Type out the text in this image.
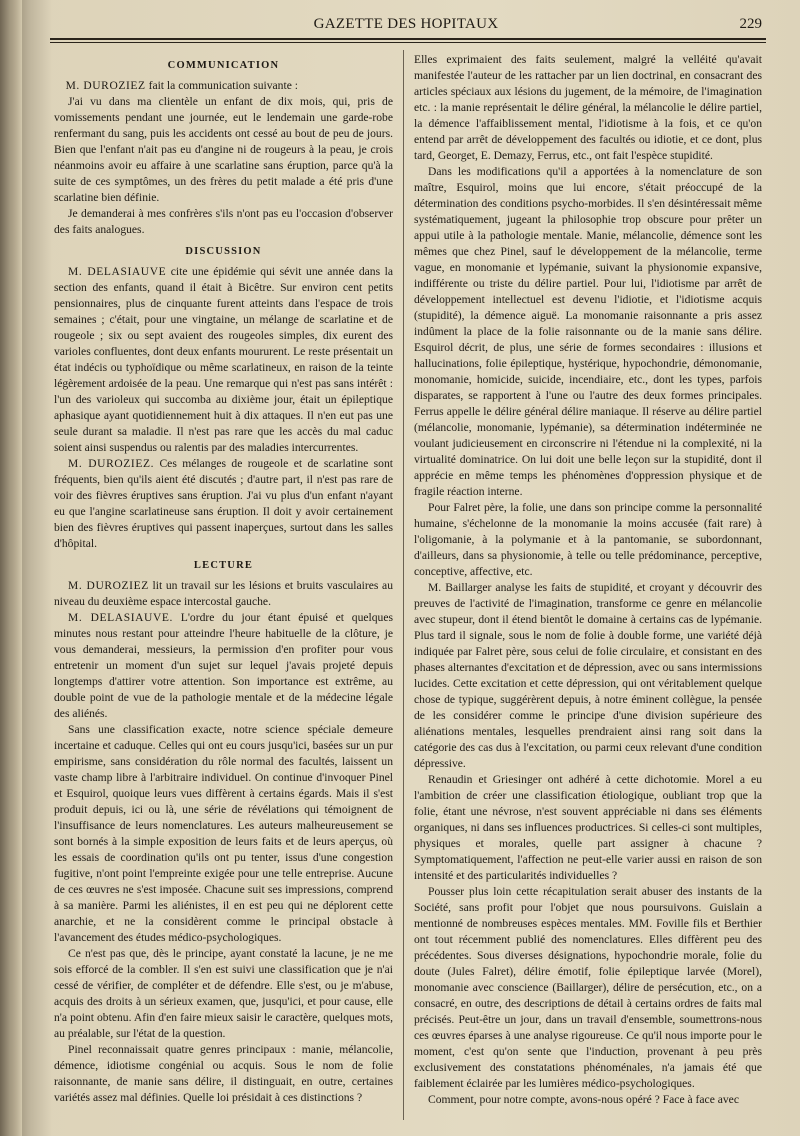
GAZETTE DES HOPITAUX	229
COMMUNICATION

M. DUROZIEZ fait la communication suivante :

J'ai vu dans ma clientèle un enfant de dix mois, qui, pris de vomissements pendant une journée, eut le lendemain une garde-robe renfermant du sang, puis les accidents ont cessé au bout de peu de jours. Bien que l'enfant n'ait pas eu d'angine ni de rougeurs à la peau, je crois néanmoins avoir eu affaire à une scarlatine sans éruption, parce qu'à la suite de ces symptômes, un des frères du petit malade a été pris d'une scarlatine bien définie.

Je demanderai à mes confrères s'ils n'ont pas eu l'occasion d'observer des faits analogues.

DISCUSSION

M. DELASIAUVE cite une épidémie qui sévit une année dans la section des enfants, quand il était à Bicêtre. Sur environ cent petits pensionnaires, plus de cinquante furent atteints dans l'espace de trois semaines ; c'était, pour une vingtaine, un mélange de scarlatine et de rougeole ; six ou sept avaient des rougeoles simples, dix eurent des varioles confluentes, dont deux enfants moururent. Le reste présentait un état indécis ou typhoïdique ou même scarlatineux, en raison de la teinte légèrement ardoisée de la peau. Une remarque qui n'est pas sans intérêt : l'un des varioleux qui succomba au dixième jour, était un épileptique aphasique ayant quotidiennement huit à dix attaques. Il n'en eut pas une seule durant sa maladie. Il n'est pas rare que les accès du mal caduc soient ainsi suspendus ou ralentis par des maladies intercurrentes.

M. DUROZIEZ. Ces mélanges de rougeole et de scarlatine sont fréquents, bien qu'ils aient été discutés ; d'autre part, il n'est pas rare de voir des fièvres éruptives sans éruption. J'ai vu plus d'un enfant n'ayant eu que l'angine scarlatineuse sans éruption. Il doit y avoir certainement bien des fièvres éruptives qui passent inaperçues, surtout dans les salles d'hôpital.

LECTURE

M. DUROZIEZ lit un travail sur les lésions et bruits vasculaires au niveau du deuxième espace intercostal gauche.

M. DELASIAUVE. L'ordre du jour étant épuisé et quelques minutes nous restant pour atteindre l'heure habituelle de la clôture, je vous demanderai, messieurs, la permission d'en profiter pour vous entretenir un moment d'un sujet sur lequel j'avais projeté depuis longtemps d'attirer votre attention. Son importance est extrême, au double point de vue de la pathologie mentale et de la médecine légale des aliénés.

Sans une classification exacte, notre science spéciale demeure incertaine et caduque. Celles qui ont eu cours jusqu'ici, basées sur un pur empirisme, sans considération du rôle normal des facultés, laissent un vaste champ libre à l'arbitraire individuel. On continue d'invoquer Pinel et Esquirol, quoique leurs vues diffèrent à certains égards. Mais il s'est produit depuis, ici ou là, une série de révélations qui témoignent de l'insuffisance de leurs nomenclatures. Les auteurs malheureusement se sont bornés à la simple exposition de leurs faits et de leurs aperçus, où les essais de coordination qu'ils ont pu tenter, issus d'une congestion fugitive, n'ont point l'empreinte exigée pour une telle entreprise. Aucune de ces œuvres ne s'est imposée. Chacune suit ses impressions, comprend à sa manière. Parmi les aliénistes, il en est peu qui ne déplorent cette anarchie, et ne la considèrent comme le principal obstacle à l'avancement des études médico-psychologiques.

Ce n'est pas que, dès le principe, ayant constaté la lacune, je ne me sois efforcé de la combler. Il s'en est suivi une classification que je n'ai cessé de vérifier, de compléter et de défendre. Elle s'est, ou je m'abuse, acquis des droits à un sérieux examen, que, jusqu'ici, et pour cause, elle n'a point obtenu. Afin d'en faire mieux saisir le caractère, quelques mots, au préalable, sur l'état de la question.

Pinel reconnaissait quatre genres principaux : manie, mélancolie, démence, idiotisme congénial ou acquis. Sous le nom de folie raisonnante, de manie sans délire, il distinguait, en outre, certaines variétés assez mal définies. Quelle loi présidait à ces distinctions ?

Elles exprimaient des faits seulement, malgré la velléité qu'avait manifestée l'auteur de les rattacher par un lien doctrinal, en consacrant des articles spéciaux aux lésions du jugement, de la mémoire, de l'imagination etc. : la manie représentait le délire général, la mélancolie le délire partiel, la démence l'affaiblissement mental, l'idiotisme à la fois, et ce qu'on entend par arrêt de développement des facultés ou idiotie, et ce dont, plus tard, Georget, E. Demazy, Ferrus, etc., ont fait l'espèce stupidité.

Dans les modifications qu'il a apportées à la nomenclature de son maître, Esquirol, moins que lui encore, s'était préoccupé de la détermination des conditions psycho-morbides. Il s'en désintéressait même systématiquement, jugeant la philosophie trop obscure pour prêter un appui utile à la pathologie mentale. Manie, mélancolie, démence sont les mêmes que chez Pinel, sauf le développement de la mélancolie, terme vague, en monomanie et lypémanie, suivant la physionomie expansive, indifférente ou triste du délire partiel. Pour lui, l'idiotisme par arrêt de développement intellectuel est devenu l'idiotie, et l'idiotisme acquis (stupidité), la démence aiguë. La monomanie raisonnante a pris assez indûment la place de la folie raisonnante ou de la manie sans délire. Esquirol décrit, de plus, une série de formes secondaires : illusions et hallucinations, folie épileptique, hystérique, hypochondrie, démonomanie, monomanie, homicide, suicide, incendiaire, etc., dont les types, parfois disparates, se rapportent à l'une ou l'autre des deux formes principales. Ferrus appelle le délire général délire maniaque. Il réserve au délire partiel (mélancolie, monomanie, lypémanie), sa détermination indéterminée ne voulant judicieusement en circonscrire ni l'étendue ni la complexité, ni la virtualité dominatrice. On lui doit une belle leçon sur la stupidité, dont il apprécie en même temps les phénomènes d'oppression physique et de fragile réaction interne.

Pour Falret père, la folie, une dans son principe comme la personnalité humaine, s'échelonne de la monomanie la moins accusée (fait rare) à l'oligomanie, à la polymanie et à la pantomanie, se subordonnant, d'ailleurs, dans sa physionomie, à telle ou telle prédominance, perceptive, conceptive, affective, etc.

M. Baillarger analyse les faits de stupidité, et croyant y découvrir des preuves de l'activité de l'imagination, transforme ce genre en mélancolie avec stupeur, dont il étend bientôt le domaine à certains cas de lypémanie. Plus tard il signale, sous le nom de folie à double forme, une variété déjà indiquée par Falret père, sous celui de folie circulaire, et consistant en des phases alternantes d'excitation et de dépression, avec ou sans intermissions lucides. Cette excitation et cette dépression, qui ont véritablement quelque chose de typique, suggérèrent depuis, à notre éminent collègue, la pensée de les considérer comme le principe d'une division supérieure des aliénations mentales, lesquelles prendraient ainsi rang soit dans la catégorie des cas dus à l'excitation, ou parmi ceux relevant d'une condition dépressive.

Renaudin et Griesinger ont adhéré à cette dichotomie. Morel a eu l'ambition de créer une classification étiologique, oubliant trop que la folie, étant une névrose, n'est souvent appréciable ni dans ses éléments organiques, ni dans ses influences productrices. Si celles-ci sont multiples, physiques et morales, quelle part assigner à chacune ? Symptomatiquement, l'affection ne peut-elle varier aussi en raison de son intensité et des particularités individuelles ?

Pousser plus loin cette récapitulation serait abuser des instants de la Société, sans profit pour l'objet que nous poursuivons. Guislain a mentionné de nombreuses espèces mentales. MM. Foville fils et Berthier ont tout récemment publié des nomenclatures. Elles diffèrent peu des précédentes. Sous diverses désignations, hypochondrie morale, folie du doute (Jules Falret), délire émotif, folie épileptique larvée (Morel), monomanie avec conscience (Baillarger), délire de persécution, etc., on a consacré, en outre, des descriptions de détail à certains ordres de faits mal précisés. Peut-être un jour, dans un travail d'ensemble, soumettrons-nous ces œuvres éparses à une analyse rigoureuse. Ce qu'il nous importe pour le moment, c'est qu'on sente que l'induction, provenant à peu près exclusivement des constatations phénoménales, n'a jamais été que faiblement éclairée par les lumières médico-psychologiques.

Comment, pour notre compte, avons-nous opéré ? Face à face avec
